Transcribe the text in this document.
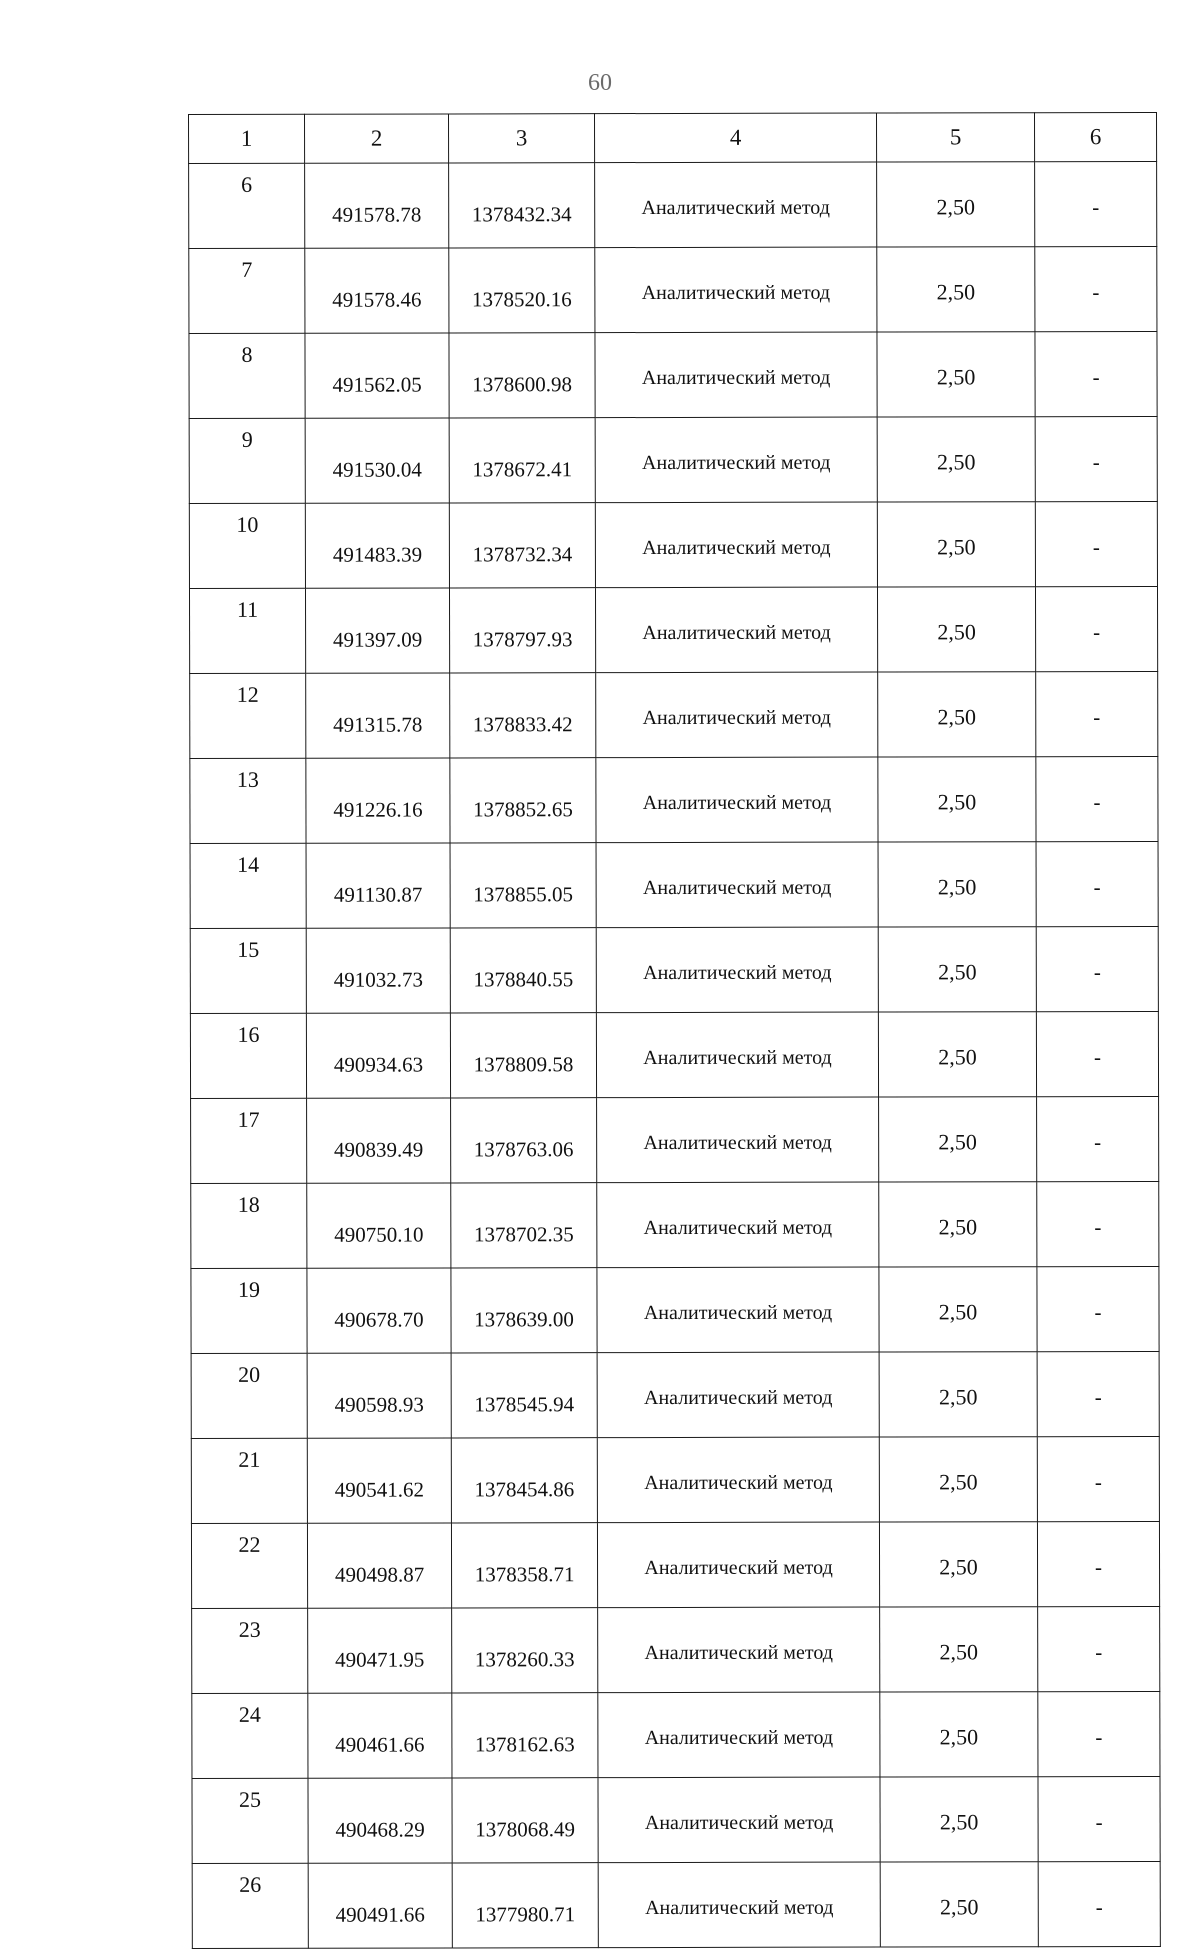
60
1	2	3	4	5	6
6	491578.78	1378432.34	Аналитический метод	2,50	-
7	491578.46	1378520.16	Аналитический метод	2,50	-
8	491562.05	1378600.98	Аналитический метод	2,50	-
9	491530.04	1378672.41	Аналитический метод	2,50	-
10	491483.39	1378732.34	Аналитический метод	2,50	-
11	491397.09	1378797.93	Аналитический метод	2,50	-
12	491315.78	1378833.42	Аналитический метод	2,50	-
13	491226.16	1378852.65	Аналитический метод	2,50	-
14	491130.87	1378855.05	Аналитический метод	2,50	-
15	491032.73	1378840.55	Аналитический метод	2,50	-
16	490934.63	1378809.58	Аналитический метод	2,50	-
17	490839.49	1378763.06	Аналитический метод	2,50	-
18	490750.10	1378702.35	Аналитический метод	2,50	-
19	490678.70	1378639.00	Аналитический метод	2,50	-
20	490598.93	1378545.94	Аналитический метод	2,50	-
21	490541.62	1378454.86	Аналитический метод	2,50	-
22	490498.87	1378358.71	Аналитический метод	2,50	-
23	490471.95	1378260.33	Аналитический метод	2,50	-
24	490461.66	1378162.63	Аналитический метод	2,50	-
25	490468.29	1378068.49	Аналитический метод	2,50	-
26	490491.66	1377980.71	Аналитический метод	2,50	-
